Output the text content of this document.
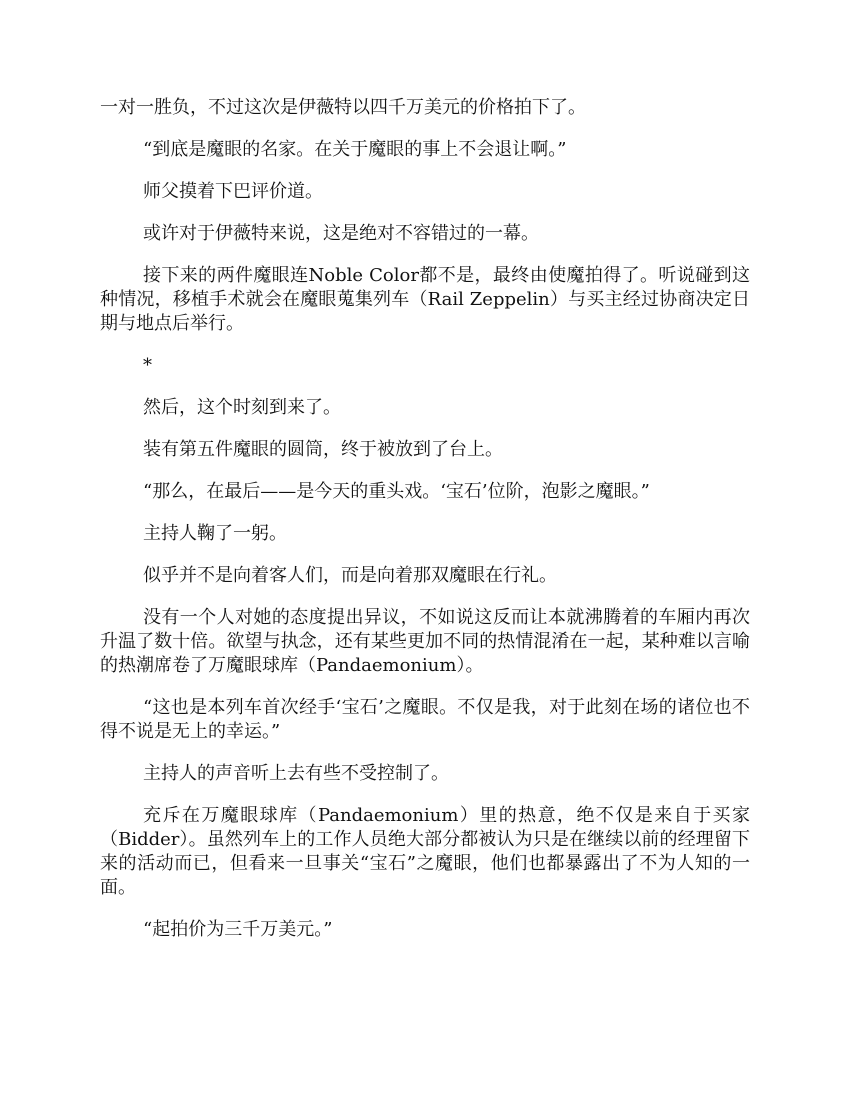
一对一胜负，不过这次是伊薇特以四千万美元的价格拍下了。

“到底是魔眼的名家。在关于魔眼的事上不会退让啊。”

师父摸着下巴评价道。

或许对于伊薇特来说，这是绝对不容错过的一幕。

接下来的两件魔眼连Noble Color都不是，最终由使魔拍得了。听说碰到这种情况，移植手术就会在魔眼蒐集列车（Rail Zeppelin）与买主经过协商决定日期与地点后举行。

*

然后，这个时刻到来了。

装有第五件魔眼的圆筒，终于被放到了台上。

“那么，在最后——是今天的重头戏。‘宝石’位阶，泡影之魔眼。”

主持人鞠了一躬。

似乎并不是向着客人们，而是向着那双魔眼在行礼。

没有一个人对她的态度提出异议，不如说这反而让本就沸腾着的车厢内再次升温了数十倍。欲望与执念，还有某些更加不同的热情混淆在一起，某种难以言喻的热潮席卷了万魔眼球库（Pandaemonium）。

“这也是本列车首次经手‘宝石’之魔眼。不仅是我，对于此刻在场的诸位也不得不说是无上的幸运。”

主持人的声音听上去有些不受控制了。

充斥在万魔眼球库（Pandaemonium）里的热意，绝不仅是来自于买家（Bidder）。虽然列车上的工作人员绝大部分都被认为只是在继续以前的经理留下来的活动而已，但看来一旦事关“宝石”之魔眼，他们也都暴露出了不为人知的一面。

“起拍价为三千万美元。”
